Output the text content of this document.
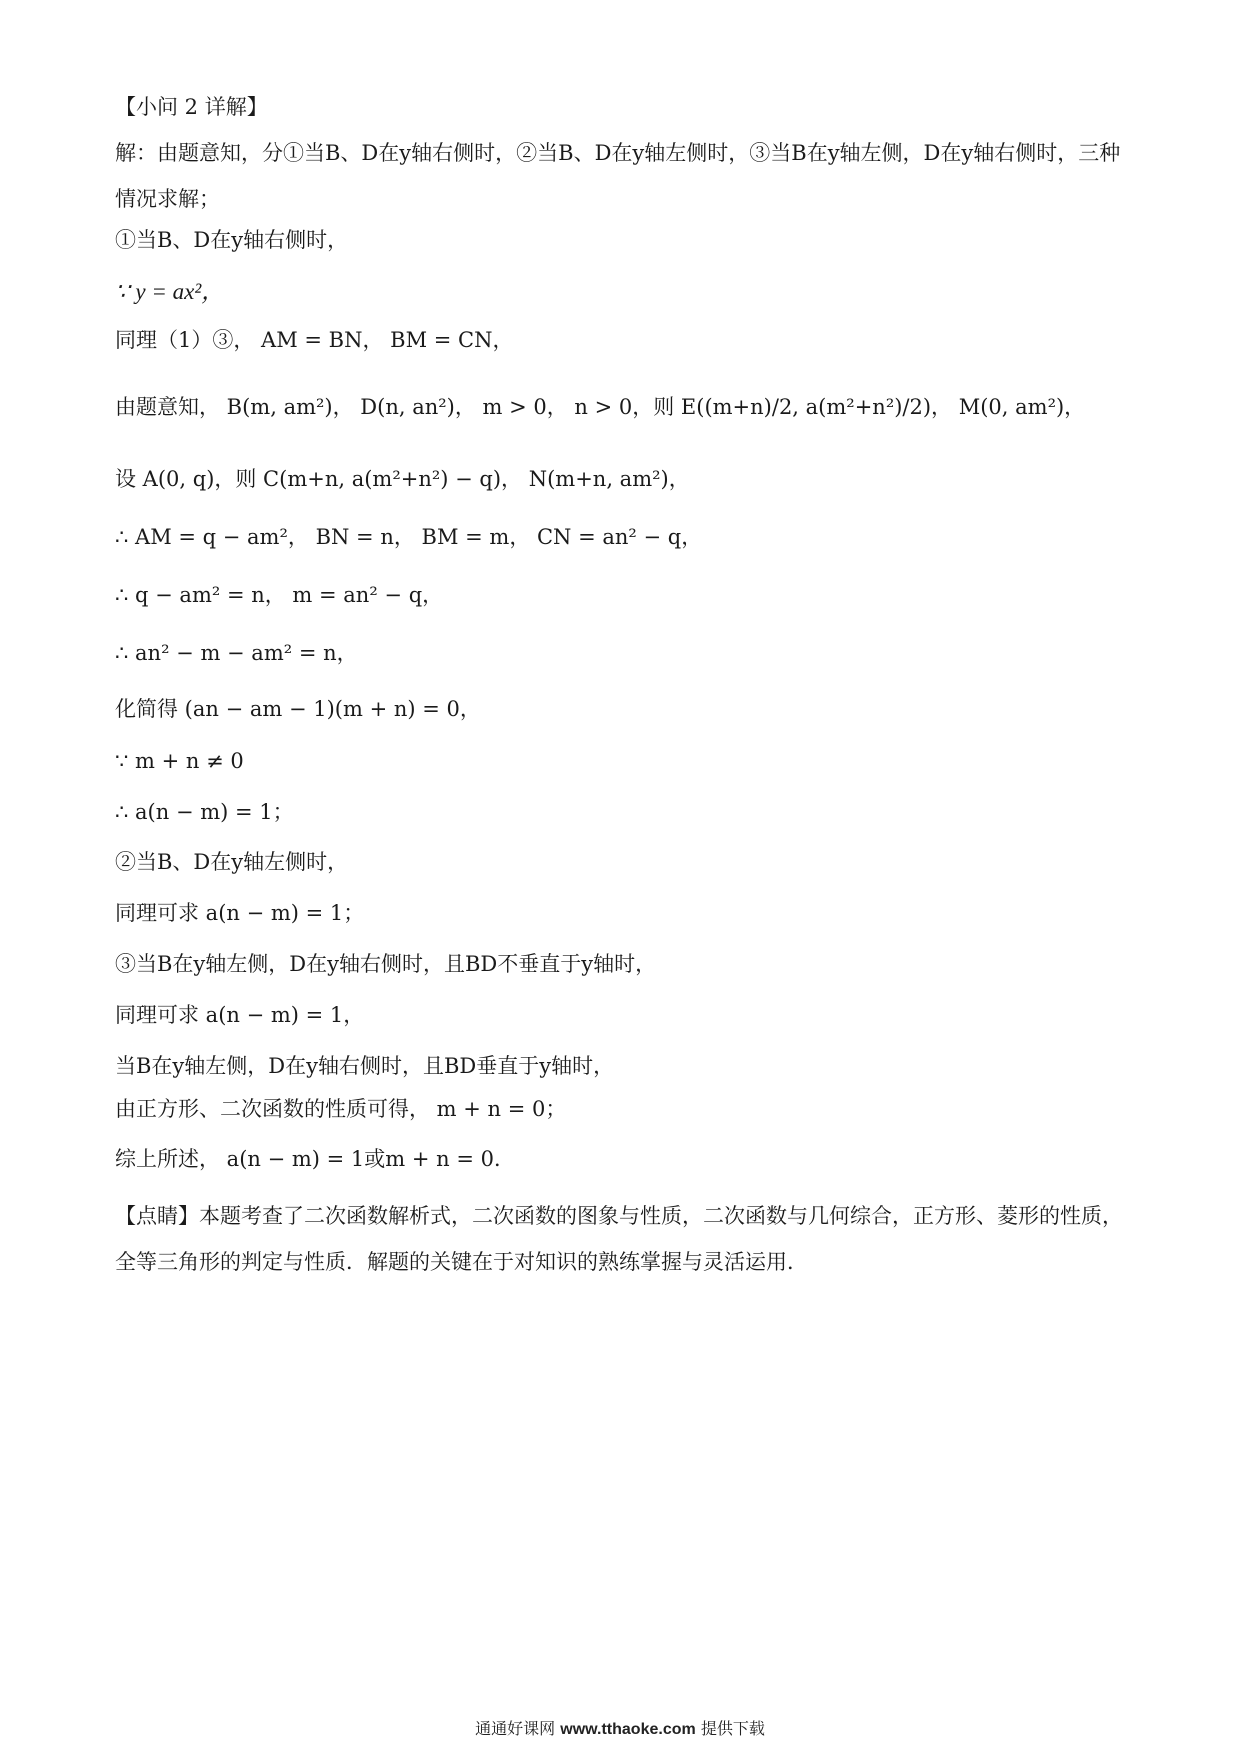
【小问 2 详解】
解：由题意知，分①当B、D在y轴右侧时，②当B、D在y轴左侧时，③当B在y轴左侧，D在y轴右侧时，三种情况求解；
①当B、D在y轴右侧时，
∵ y = ax²，
同理（1）③， AM = BN， BM = CN，
由题意知， B(m, am²)， D(n, an²)， m > 0， n > 0，则 E((m+n)/2, a(m²+n²)/2)， M(0, am²)，
设 A(0, q)，则 C(m+n, a(m²+n²) − q)， N(m+n, am²)，
∴ AM = q − am²， BN = n， BM = m， CN = an² − q，
∴ q − am² = n， m = an² − q，
∴ an² − m − am² = n，
化简得 (an − am − 1)(m + n) = 0，
∵ m + n ≠ 0
∴ a(n − m) = 1；
②当B、D在y轴左侧时，
同理可求 a(n − m) = 1；
③当B在y轴左侧，D在y轴右侧时，且BD不垂直于y轴时，
同理可求 a(n − m) = 1，
当B在y轴左侧，D在y轴右侧时，且BD垂直于y轴时，
由正方形、二次函数的性质可得， m + n = 0；
综上所述， a(n − m) = 1或m + n = 0．
【点睛】本题考查了二次函数解析式，二次函数的图象与性质，二次函数与几何综合，正方形、菱形的性质，全等三角形的判定与性质．解题的关键在于对知识的熟练掌握与灵活运用．
通通好课网 www.tthaoke.com 提供下载
